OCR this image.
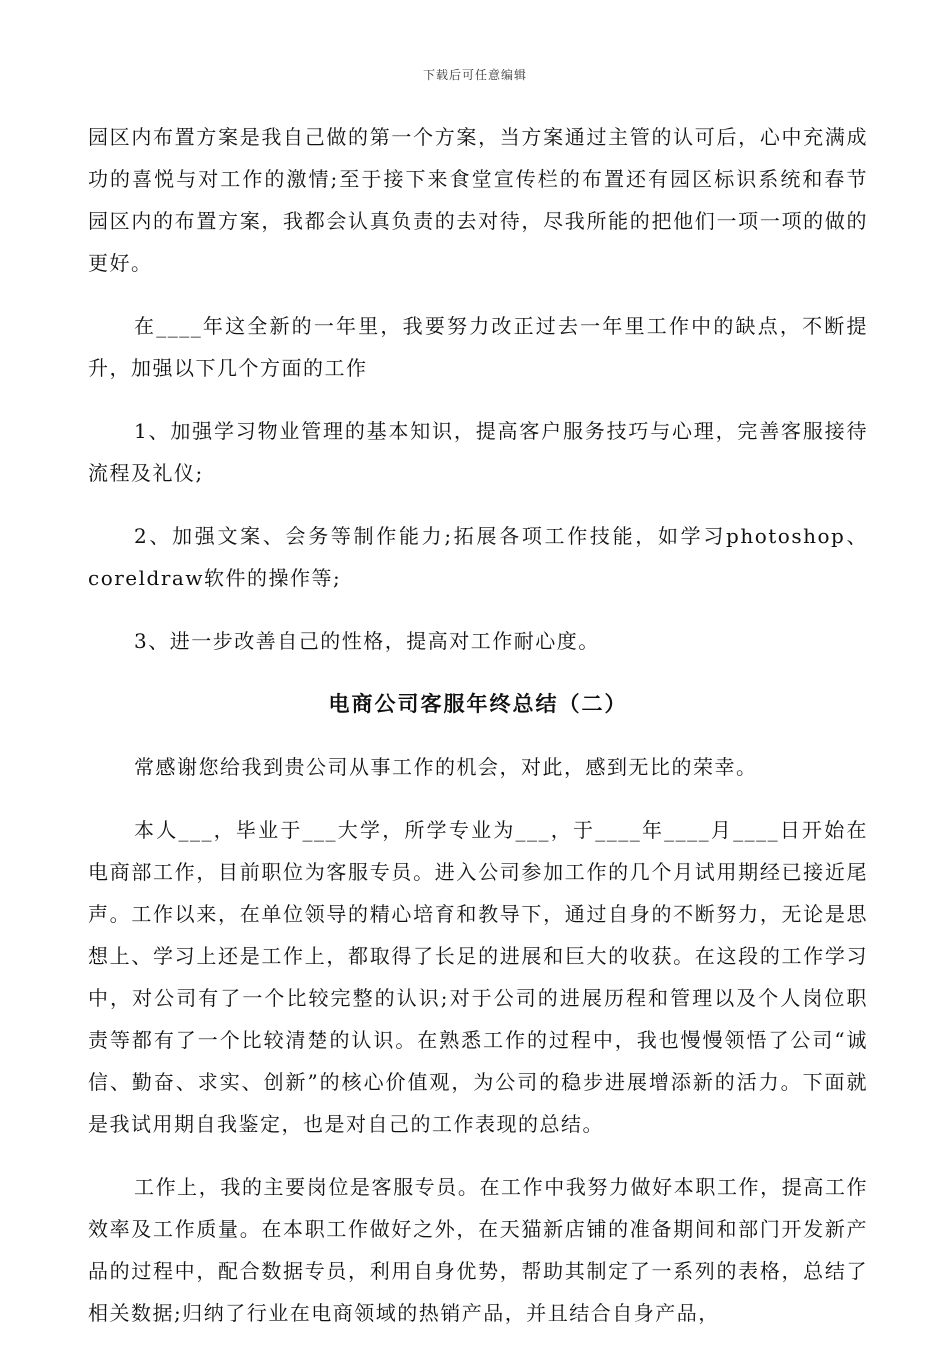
下载后可任意编辑

园区内布置方案是我自己做的第一个方案，当方案通过主管的认可后，心中充满成功的喜悦与对工作的激情;至于接下来食堂宣传栏的布置还有园区标识系统和春节园区内的布置方案，我都会认真负责的去对待，尽我所能的把他们一项一项的做的更好。

在____年这全新的一年里，我要努力改正过去一年里工作中的缺点，不断提升，加强以下几个方面的工作

1、加强学习物业管理的基本知识，提高客户服务技巧与心理，完善客服接待流程及礼仪;

2、加强文案、会务等制作能力;拓展各项工作技能，如学习photoshop、coreldraw软件的操作等;

3、进一步改善自己的性格，提高对工作耐心度。

电商公司客服年终总结（二）

常感谢您给我到贵公司从事工作的机会，对此，感到无比的荣幸。

本人___，毕业于___大学，所学专业为___，于____年____月____日开始在电商部工作，目前职位为客服专员。进入公司参加工作的几个月试用期经已接近尾声。工作以来，在单位领导的精心培育和教导下，通过自身的不断努力，无论是思想上、学习上还是工作上，都取得了长足的进展和巨大的收获。在这段的工作学习中，对公司有了一个比较完整的认识;对于公司的进展历程和管理以及个人岗位职责等都有了一个比较清楚的认识。在熟悉工作的过程中，我也慢慢领悟了公司“诚信、勤奋、求实、创新”的核心价值观，为公司的稳步进展增添新的活力。下面就是我试用期自我鉴定，也是对自己的工作表现的总结。

工作上，我的主要岗位是客服专员。在工作中我努力做好本职工作，提高工作效率及工作质量。在本职工作做好之外，在天猫新店铺的准备期间和部门开发新产品的过程中，配合数据专员，利用自身优势，帮助其制定了一系列的表格，总结了相关数据;归纳了行业在电商领域的热销产品，并且结合自身产品，
